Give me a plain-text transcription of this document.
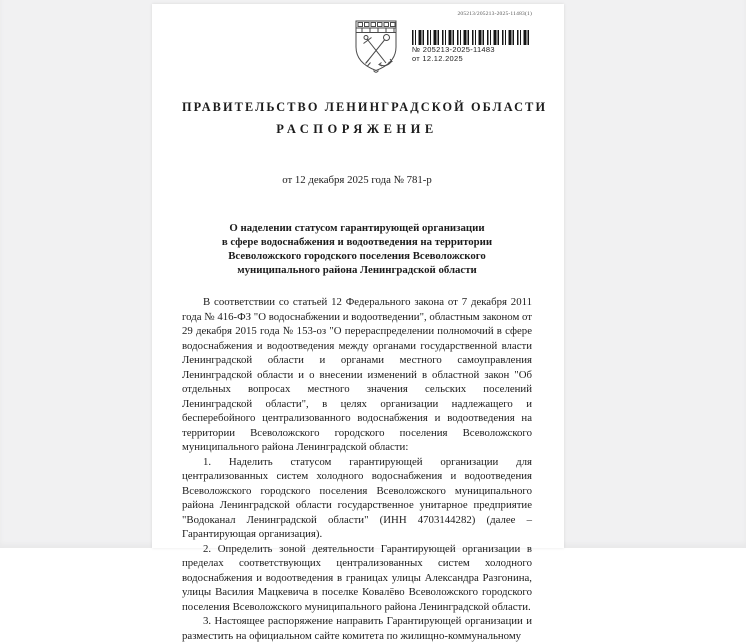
205213/205213-2025-11483(1)
№ 205213-2025-11483
от 12.12.2025
ПРАВИТЕЛЬСТВО ЛЕНИНГРАДСКОЙ ОБЛАСТИ
РАСПОРЯЖЕНИЕ
от 12 декабря 2025 года № 781-р
О наделении статусом гарантирующей организации
в сфере водоснабжения и водоотведения на территории
Всеволожского городского поселения Всеволожского
муниципального района Ленинградской области

В соответствии со статьей 12 Федерального закона от 7 декабря 2011 года № 416-ФЗ "О водоснабжении и водоотведении", областным законом от 29 декабря 2015 года № 153-оз "О перераспределении полномочий в сфере водоснабжения и водоотведения между органами государственной власти Ленинградской области и органами местного самоуправления Ленинградской области и о внесении изменений в областной закон "Об отдельных вопросах местного значения сельских поселений Ленинградской области", в целях организации надлежащего и бесперебойного централизованного водоснабжения и водоотведения на территории Всеволожского городского поселения Всеволожского муниципального района Ленинградской области:

1. Наделить статусом гарантирующей организации для централизованных систем холодного водоснабжения и водоотведения Всеволожского городского поселения Всеволожского муниципального района Ленинградской области государственное унитарное предприятие "Водоканал Ленинградской области" (ИНН 4703144282) (далее – Гарантирующая организация).

2. Определить зоной деятельности Гарантирующей организации в пределах соответствующих централизованных систем холодного водоснабжения и водоотведения в границах улицы Александра Разгонина, улицы Василия Мацкевича в поселке Ковалёво Всеволожского городского поселения Всеволожского муниципального района Ленинградской области.

3. Настоящее распоряжение направить Гарантирующей организации и разместить на официальном сайте комитета по жилищно-коммунальному
